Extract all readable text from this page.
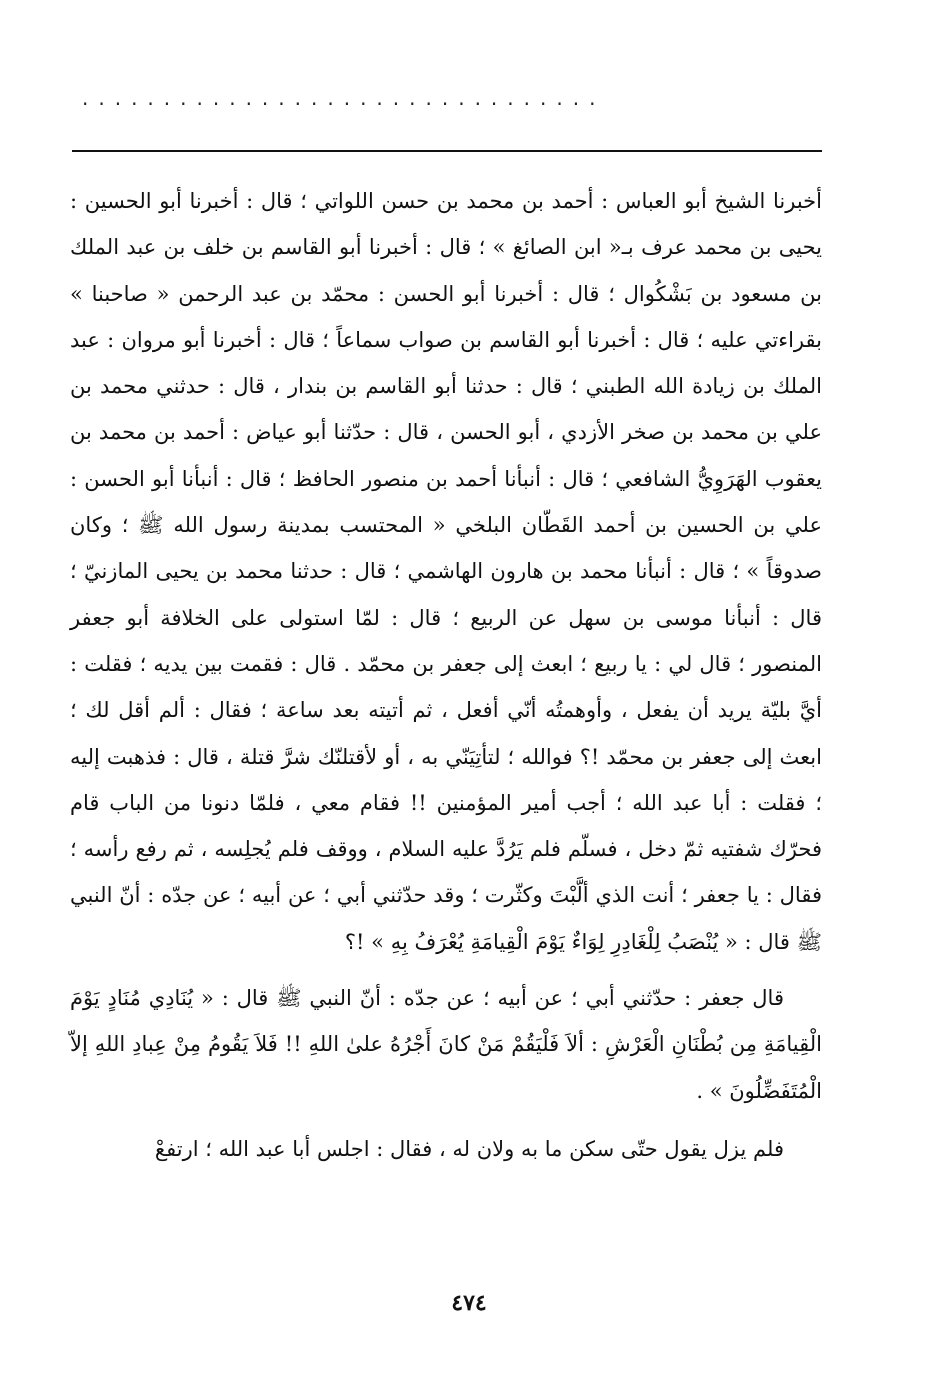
................................

أخبرنا الشيخ أبو العباس : أحمد بن محمد بن حسن اللواتي ؛ قال : أخبرنا أبو الحسين : يحيى بن محمد عرف بـ« ابن الصائغ » ؛ قال : أخبرنا أبو القاسم بن خلف بن عبد الملك بن مسعود بن بَشْكُوال ؛ قال : أخبرنا أبو الحسن : محمّد بن عبد الرحمن « صاحبنا » بقراءتي عليه ؛ قال : أخبرنا أبو القاسم بن صواب سماعاً ؛ قال : أخبرنا أبو مروان : عبد الملك بن زيادة الله الطبني ؛ قال : حدثنا أبو القاسم بن بندار ، قال : حدثني محمد بن علي بن محمد بن صخر الأزدي ، أبو الحسن ، قال : حدّثنا أبو عياض : أحمد بن محمد بن يعقوب الهَرَوِيُّ الشافعي ؛ قال : أنبأنا أحمد بن منصور الحافظ ؛ قال : أنبأنا أبو الحسن : علي بن الحسين بن أحمد القَطّان البلخي « المحتسب بمدينة رسول الله ﷺ ؛ وكان صدوقاً » ؛ قال : أنبأنا محمد بن هارون الهاشمي ؛ قال : حدثنا محمد بن يحيى المازنيّ ؛ قال : أنبأنا موسى بن سهل عن الربيع ؛ قال : لمّا استولى على الخلافة أبو جعفر المنصور ؛ قال لي : يا ربيع ؛ ابعث إلى جعفر بن محمّد . قال : فقمت بين يديه ؛ فقلت : أيَّ بليّة يريد أن يفعل ، وأوهمتُه أنّي أفعل ، ثم أتيته بعد ساعة ؛ فقال : ألم أقل لك ؛ ابعث إلى جعفر بن محمّد !؟ فوالله ؛ لتأتِيَنّي به ، أو لأقتلنّك شرَّ قتلة ، قال : فذهبت إليه ؛ فقلت : أبا عبد الله ؛ أجب أمير المؤمنين !! فقام معي ، فلمّا دنونا من الباب قام فحرّك شفتيه ثمّ دخل ، فسلّم فلم يَرُدَّ عليه السلام ، ووقف فلم يُجلِسه ، ثم رفع رأسه ؛ فقال : يا جعفر ؛ أنت الذي ألَّبْتَ وكثّرت ؛ وقد حدّثني أبي ؛ عن أبيه ؛ عن جدّه : أنّ النبي ﷺ قال : « يُنْصَبُ لِلْغَادِرِ لِوَاءٌ يَوْمَ الْقِيامَةِ يُعْرَفُ بِهِ » !؟

قال جعفر : حدّثني أبي ؛ عن أبيه ؛ عن جدّه : أنّ النبي ﷺ قال : « يُنَادِي مُنَادٍ يَوْمَ الْقِيامَةِ مِن بُطْنَانِ الْعَرْشِ : ألاَ فَلْيَقُمْ مَنْ كانَ أَجْرُهُ علىٰ اللهِ !! فَلاَ يَقُومُ مِنْ عِبادِ اللهِ إلاّ الْمُتَفَضِّلُونَ » .

فلم يزل يقول حتّى سكن ما به ولان له ، فقال : اجلس أبا عبد الله ؛ ارتفعْ

٤٧٤
